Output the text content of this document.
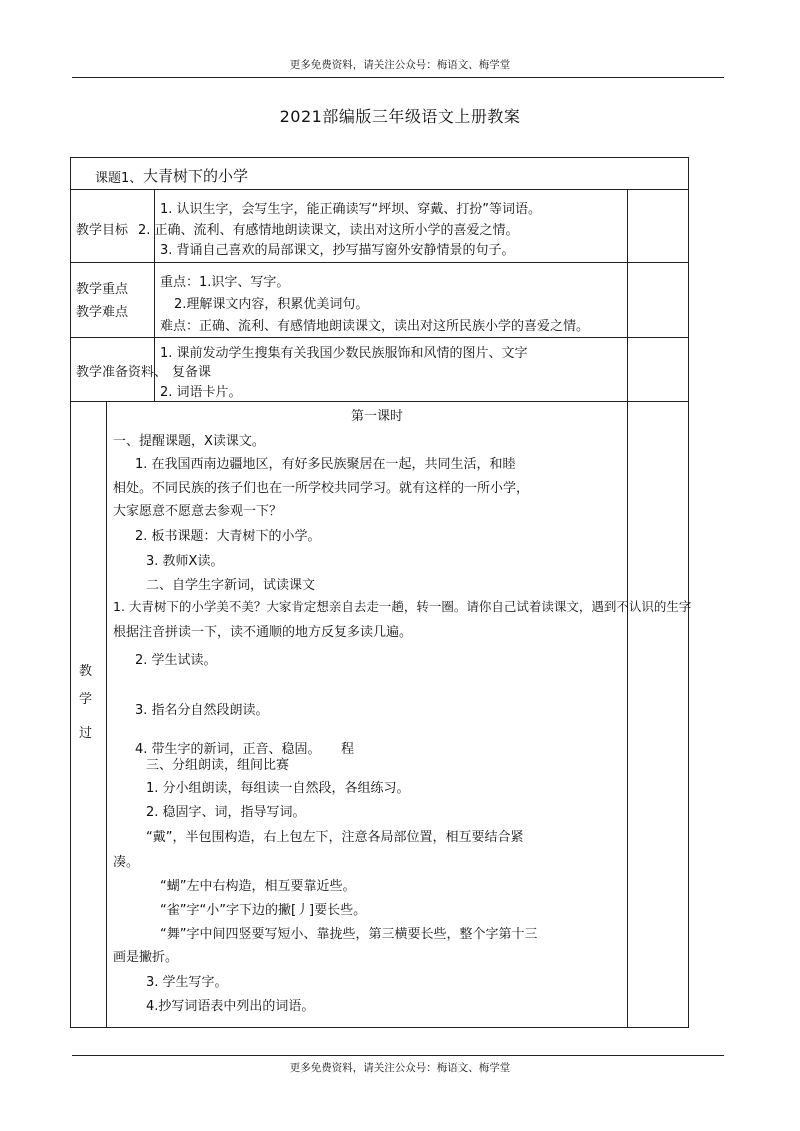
更多免费资料，请关注公众号：梅语文、梅学堂
2021部编版三年级语文上册教案
课题1、 大青树下的小学
教学目标
1. 认识生字，会写生字，能正确读写“坪坝、穿戴、打扮”等词语。
2. 正确、流利、有感情地朗读课文，读出对这所小学的喜爱之情。
3. 背诵自己喜欢的局部课文，抄写描写窗外安静情景的句子。
教学重点
教学难点
重点：1.识字、写字。
2.理解课文内容，积累优美词句。
难点：正确、流利、有感情地朗读课文，读出对这所民族小学的喜爱之情。
教学准备资料、
1. 课前发动学生搜集有关我国少数民族服饰和风情的图片、文字
复备课
2. 词语卡片。
教
学
过
程
第一课时
一、提醒课题，X读课文。
1. 在我国西南边疆地区，有好多民族聚居在一起，共同生活，和睦
相处。不同民族的孩子们也在一所学校共同学习。就有这样的一所小学，
大家愿意不愿意去参观一下？
2. 板书课题：大青树下的小学。
3. 教师X读。
二、自学生字新词，试读课文
1. 大青树下的小学美不美？大家肯定想亲自去走一趟，转一圈。请你自己试着读课文，遇到不认识的生字
根据注音拼读一下，读不通顺的地方反复多读几遍。
2. 学生试读。
3. 指名分自然段朗读。
4. 带生字的新词，正音、稳固。
三、分组朗读，组间比赛
1. 分小组朗读，每组读一自然段，各组练习。
2. 稳固字、词，指导写词。
“戴”，半包围构造，右上包左下，注意各局部位置，相互要结合紧
凑。
“蝴”左中右构造，相互要靠近些。
“雀”字“小”字下边的撇[丿]要长些。
“舞”字中间四竖要写短小、靠拢些，第三横要长些，整个字第十三
画是撇折。
3. 学生写字。
4.抄写词语表中列出的词语。
更多免费资料，请关注公众号：梅语文、梅学堂
